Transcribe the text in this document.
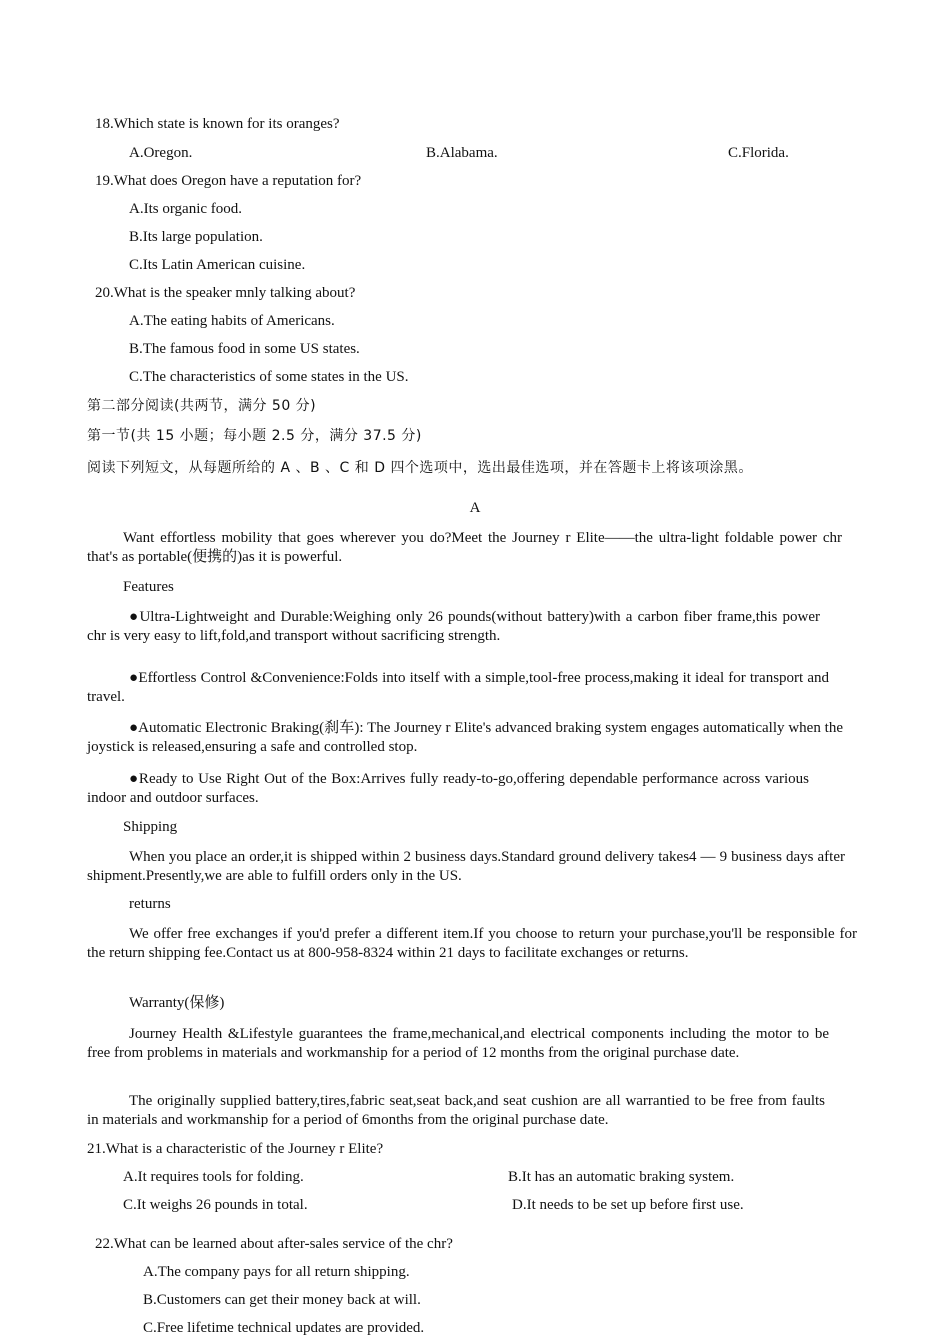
18.Which state is known for its oranges?
A.Oregon.	B.Alabama.	C.Florida.
19.What does Oregon have a reputation for?
A.Its organic food.
B.Its large population.
C.Its Latin American cuisine.
20.What is the speaker mnly talking about?
A.The eating habits of Americans.
B.The famous food in some US states.
C.The characteristics of some states in the US.
第二部分阅读(共两节，满分 50 分)
第一节(共 15 小题；每小题 2.5 分，满分 37.5 分)
阅读下列短文，从每题所给的 A 、B 、C 和 D 四个选项中，选出最佳选项，并在答题卡上将该项涂黑。
A
Want effortless mobility that goes wherever you do?Meet the Journey r Elite——the ultra-light foldable power chr that's as portable(便携的)as it is powerful.
Features
●Ultra-Lightweight and Durable:Weighing only 26 pounds(without battery)with a carbon fiber frame,this power chr is very easy to lift,fold,and transport without sacrificing strength.
●Effortless Control &Convenience:Folds into itself with a simple,tool-free process,making it ideal for transport and travel.
●Automatic Electronic Braking(刹车): The Journey r Elite's advanced braking system engages automatically when the joystick is released,ensuring a safe and controlled stop.
●Ready to Use Right Out of the Box:Arrives fully ready-to-go,offering dependable performance across various indoor and outdoor surfaces.
Shipping
When you place an order,it is shipped within 2 business days.Standard ground delivery takes4 — 9 business days after shipment.Presently,we are able to fulfill orders only in the US.
returns
We offer free exchanges if you'd prefer a different item.If you choose to return your purchase,you'll be responsible for the return shipping fee.Contact us at 800-958-8324 within 21 days to facilitate exchanges or returns.
Warranty(保修)
Journey Health &Lifestyle guarantees the frame,mechanical,and electrical components including the motor to be free from problems in materials and workmanship for a period of 12 months from the original purchase date.
The originally supplied battery,tires,fabric seat,seat back,and seat cushion are all warrantied to be free from faults in materials and workmanship for a period of 6months from the original purchase date.
21.What is a characteristic of the Journey r Elite?
A.It requires tools for folding.	B.It has an automatic braking system.
C.It weighs 26 pounds in total.	D.It needs to be set up before first use.
22.What can be learned about after-sales service of the chr?
A.The company pays for all return shipping.
B.Customers can get their money back at will.
C.Free lifetime technical updates are provided.
